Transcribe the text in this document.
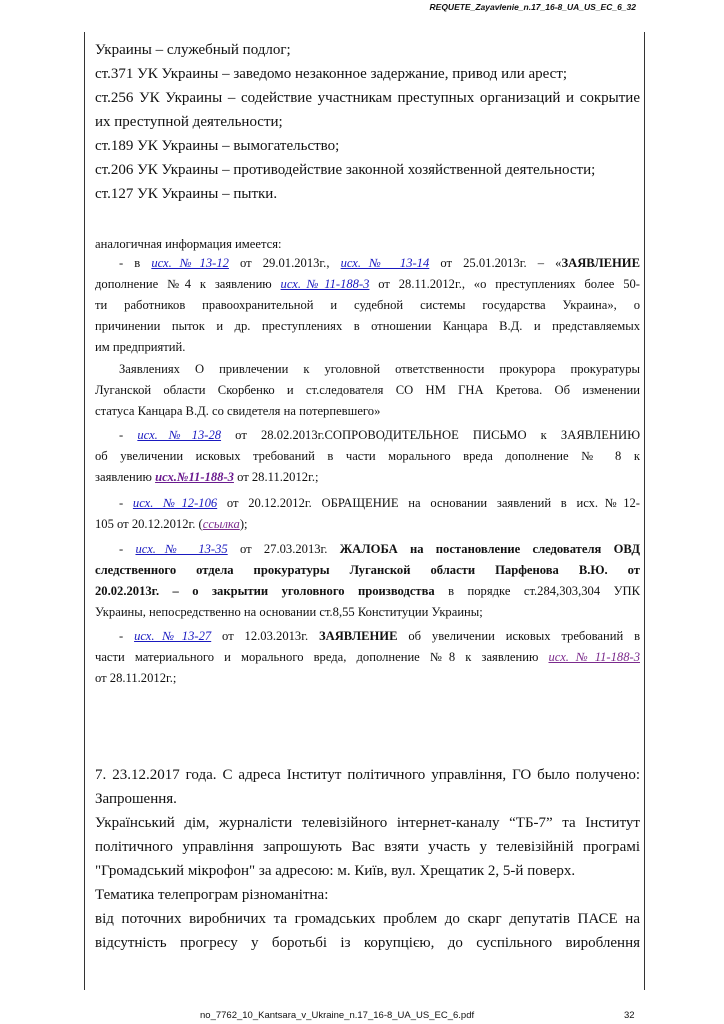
REQUETE_Zayavlenie_n.17_16-8_UA_US_EC_6_32
Украины – служебный подлог;
ст.371 УК Украины – заведомо незаконное задержание, привод или арест;
ст.256 УК Украины – содействие участникам преступных организаций и сокрытие
их преступной деятельности;
ст.189 УК Украины – вымогательство;
ст.206 УК Украины – противодействие законной хозяйственной деятельности;
ст.127 УК Украины – пытки.
аналогичная информация имеется:
- в исх.№13-12 от 29.01.2013г., исх.№ 13-14 от 25.01.2013г. – «ЗАЯВЛЕНИЕ
дополнение №4 к заявлению исх.№11-188-3 от 28.11.2012г., «о преступлениях более 50-
ти работников правоохранительной и судебной системы государства Украина», о
причинении пыток и др. преступлениях в отношении Канцара В.Д. и представляемых
им предприятий.
Заявлениях О привлечении к уголовной ответственности прокурора прокуратуры
Луганской области Скорбенко и ст.следователя СО НМ ГНА Кретова. Об изменении
статуса Канцара В.Д. со свидетеля на потерпевшего»
- исх.№13-28 от 28.02.2013г.СОПРОВОДИТЕЛЬНОЕ ПИСЬМО к ЗАЯВЛЕНИЮ
об увеличении исковых требований в части морального вреда дополнение № 8 к
заявлению исх.№11-188-3 от 28.11.2012г.;
- исх. №12-106 от 20.12.2012г. ОБРАЩЕНИЕ на основании заявлений в исх.№12-
105 от 20.12.2012г. (ссылка);
- исх.№ 13-35 от 27.03.2013г. ЖАЛОБА на постановление следователя ОВД
следственного отдела прокуратуры Луганской области Парфенова В.Ю. от
20.02.2013г. – о закрытии уголовного производства в порядке ст.284,303,304 УПК
Украины, непосредственно на основании ст.8,55 Конституции Украины;
- исх.№13-27 от 12.03.2013г. ЗАЯВЛЕНИЕ об увеличении исковых требований в
части материального и морального вреда, дополнение №8 к заявлению исх.№11-188-3
от 28.11.2012г.;
7. 23.12.2017 года. С адреса Інститут політичного управління, ГО было получено:
Запрошення.
Український дім, журналісти телевізійного інтернет-каналу “ТБ-7” та Інститут
політичного управління запрошують Вас взяти участь у телевізійній програмі
"Громадський мікрофон" за адресою: м. Київ, вул. Хрещатик 2, 5-й поверх.
Тематика телепрограм різноманітна:
від поточних виробничих та громадських проблем до скарг депутатів ПАСЕ на
відсутність прогресу у боротьбі із корупцією, до суспільного вироблення
no_7762_10_Kantsara_v_Ukraine_n.17_16-8_UA_US_EC_6.pdf	32
